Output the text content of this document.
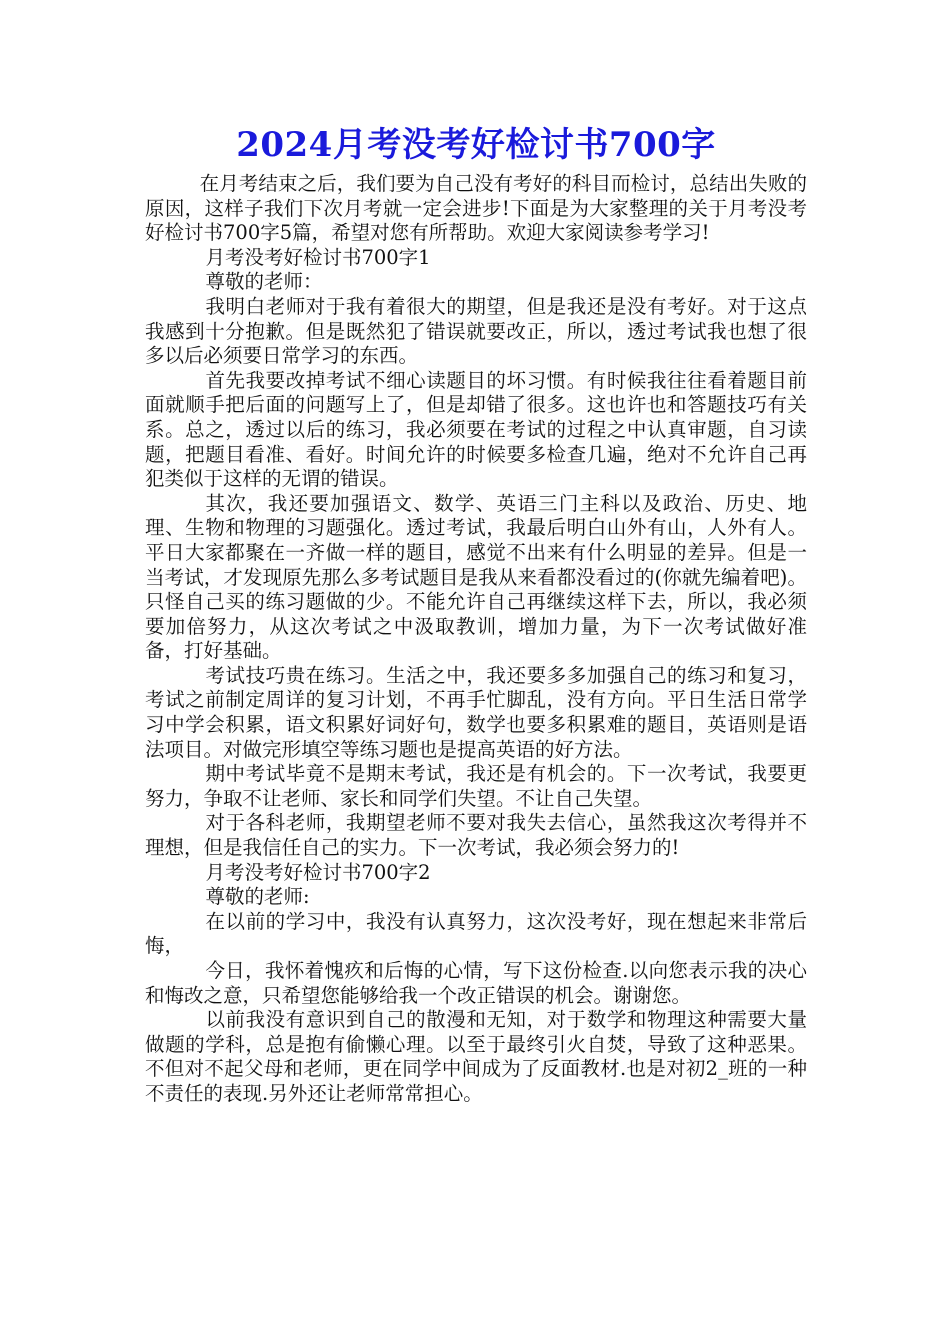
2024月考没考好检讨书700字

在月考结束之后，我们要为自己没有考好的科目而检讨，总结出失败的原因，这样子我们下次月考就一定会进步!下面是为大家整理的关于月考没考好检讨书700字5篇，希望对您有所帮助。欢迎大家阅读参考学习!

月考没考好检讨书700字1

尊敬的老师：

我明白老师对于我有着很大的期望，但是我还是没有考好。对于这点我感到十分抱歉。但是既然犯了错误就要改正，所以，透过考试我也想了很多以后必须要日常学习的东西。

首先我要改掉考试不细心读题目的坏习惯。有时候我往往看着题目前面就顺手把后面的问题写上了，但是却错了很多。这也许也和答题技巧有关系。总之，透过以后的练习，我必须要在考试的过程之中认真审题，自习读题，把题目看准、看好。时间允许的时候要多检查几遍，绝对不允许自己再犯类似于这样的无谓的错误。

其次，我还要加强语文、数学、英语三门主科以及政治、历史、地理、生物和物理的习题强化。透过考试，我最后明白山外有山，人外有人。平日大家都聚在一齐做一样的题目，感觉不出来有什么明显的差异。但是一当考试，才发现原先那么多考试题目是我从来看都没看过的(你就先编着吧)。只怪自己买的练习题做的少。不能允许自己再继续这样下去，所以，我必须要加倍努力，从这次考试之中汲取教训，增加力量，为下一次考试做好准备，打好基础。

考试技巧贵在练习。生活之中，我还要多多加强自己的练习和复习，考试之前制定周详的复习计划，不再手忙脚乱，没有方向。平日生活日常学习中学会积累，语文积累好词好句，数学也要多积累难的题目，英语则是语法项目。对做完形填空等练习题也是提高英语的好方法。

期中考试毕竟不是期末考试，我还是有机会的。下一次考试，我要更努力，争取不让老师、家长和同学们失望。不让自己失望。

对于各科老师，我期望老师不要对我失去信心，虽然我这次考得并不理想，但是我信任自己的实力。下一次考试，我必须会努力的!

月考没考好检讨书700字2

尊敬的老师:

在以前的学习中，我没有认真努力，这次没考好，现在想起来非常后悔，

今日，我怀着愧疚和后悔的心情，写下这份检查.以向您表示我的决心和悔改之意，只希望您能够给我一个改正错误的机会。谢谢您。

以前我没有意识到自己的散漫和无知，对于数学和物理这种需要大量做题的学科，总是抱有偷懒心理。以至于最终引火自焚，导致了这种恶果。不但对不起父母和老师，更在同学中间成为了反面教材.也是对初2_班的一种不责任的表现.另外还让老师常常担心。
